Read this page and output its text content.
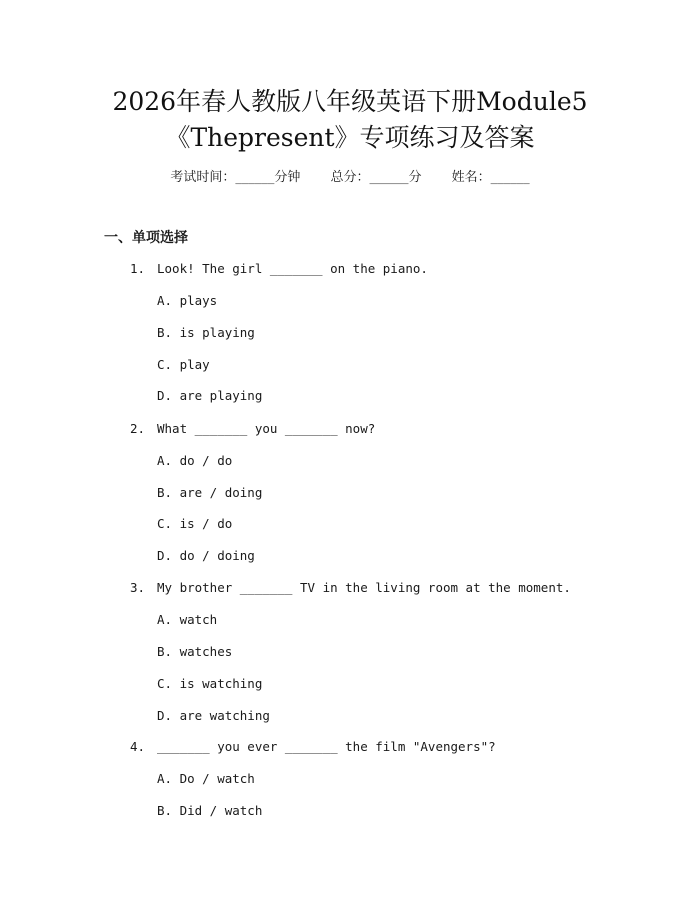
2026年春人教版八年级英语下册Module5
《Thepresent》专项练习及答案
考试时间：______分钟 总分：______分 姓名：______
一、单项选择
1. Look! The girl _______ on the piano.
A. plays
B. is playing
C. play
D. are playing
2. What _______ you _______ now?
A. do / do
B. are / doing
C. is / do
D. do / doing
3. My brother _______ TV in the living room at the moment.
A. watch
B. watches
C. is watching
D. are watching
4. _______ you ever _______ the film "Avengers"?
A. Do / watch
B. Did / watch
